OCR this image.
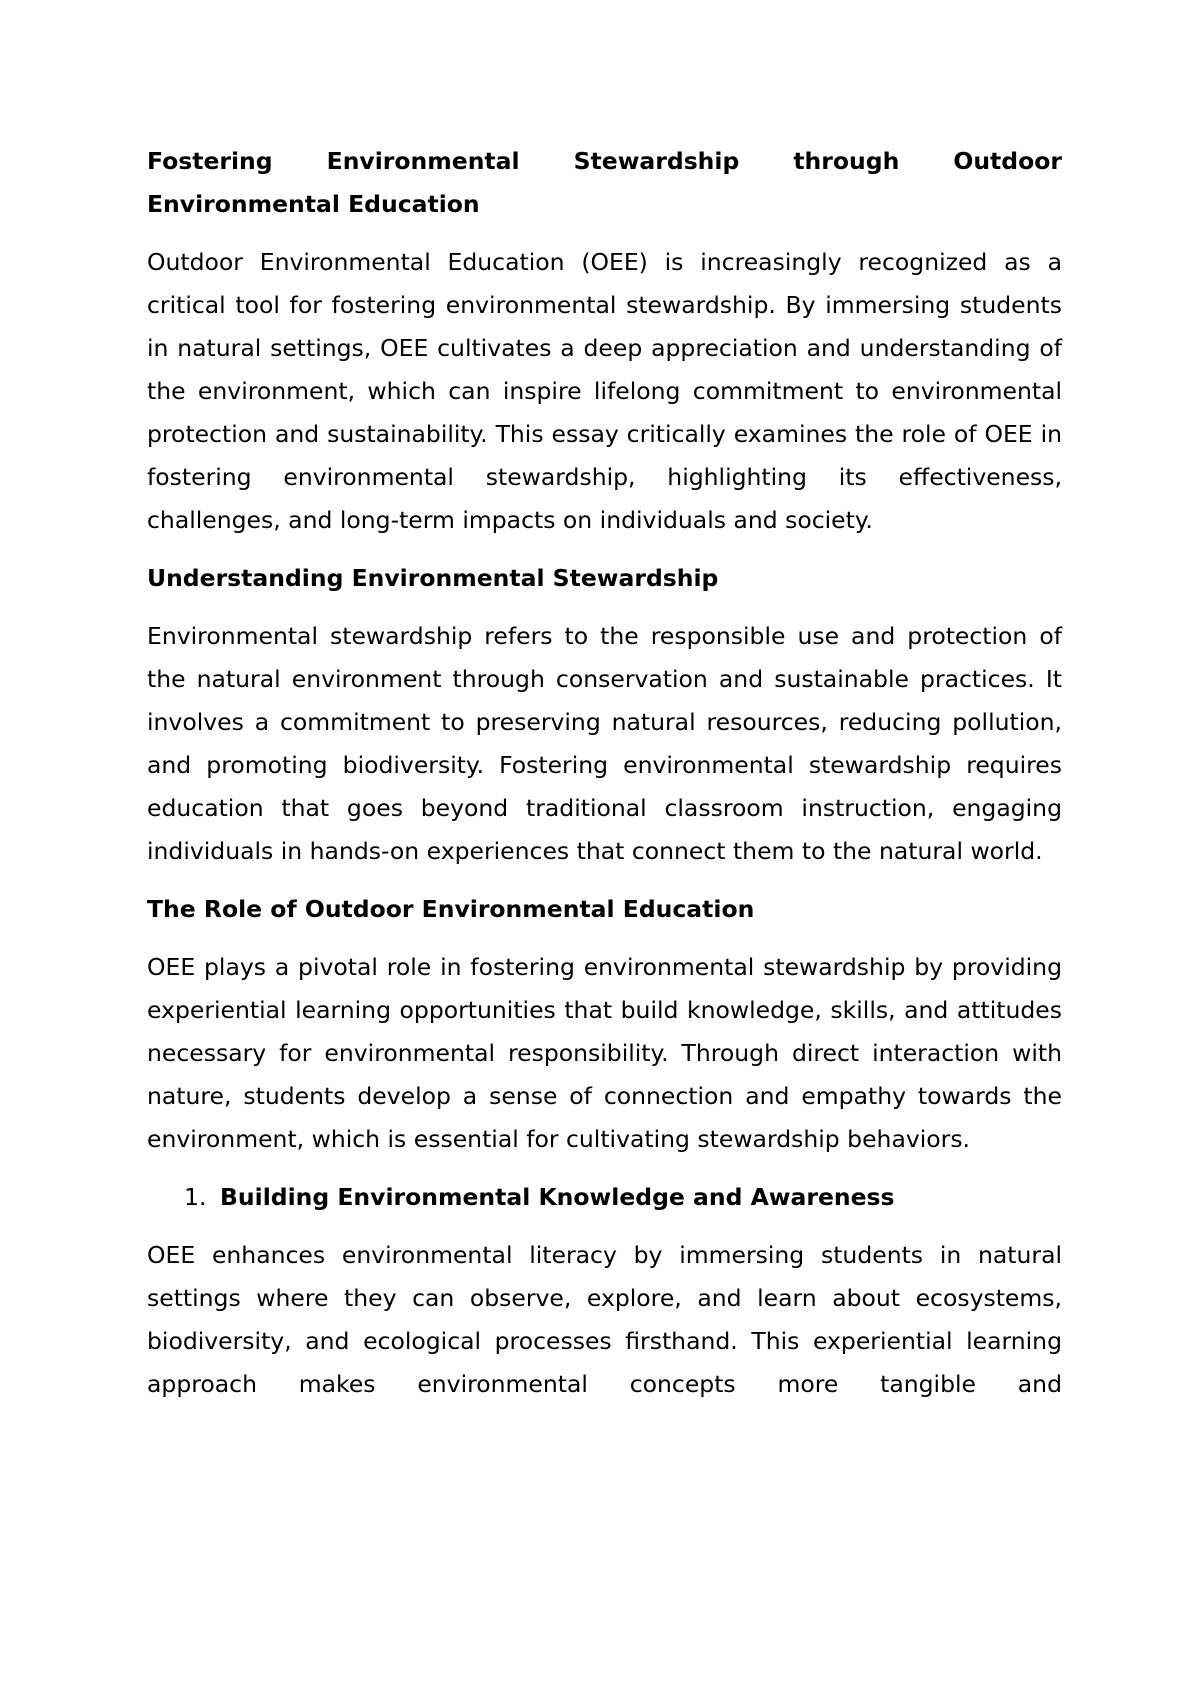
Fostering Environmental Stewardship through Outdoor
Environmental Education

Outdoor Environmental Education (OEE) is increasingly recognized as a critical tool for fostering environmental stewardship. By immersing students in natural settings, OEE cultivates a deep appreciation and understanding of the environment, which can inspire lifelong commitment to environmental protection and sustainability. This essay critically examines the role of OEE in fostering environmental stewardship, highlighting its effectiveness, challenges, and long-term impacts on individuals and society.

Understanding Environmental Stewardship

Environmental stewardship refers to the responsible use and protection of the natural environment through conservation and sustainable practices. It involves a commitment to preserving natural resources, reducing pollution, and promoting biodiversity. Fostering environmental stewardship requires education that goes beyond traditional classroom instruction, engaging individuals in hands-on experiences that connect them to the natural world.

The Role of Outdoor Environmental Education

OEE plays a pivotal role in fostering environmental stewardship by providing experiential learning opportunities that build knowledge, skills, and attitudes necessary for environmental responsibility. Through direct interaction with nature, students develop a sense of connection and empathy towards the environment, which is essential for cultivating stewardship behaviors.

1. Building Environmental Knowledge and Awareness

OEE enhances environmental literacy by immersing students in natural settings where they can observe, explore, and learn about ecosystems, biodiversity, and ecological processes firsthand. This experiential learning approach makes environmental concepts more tangible and
